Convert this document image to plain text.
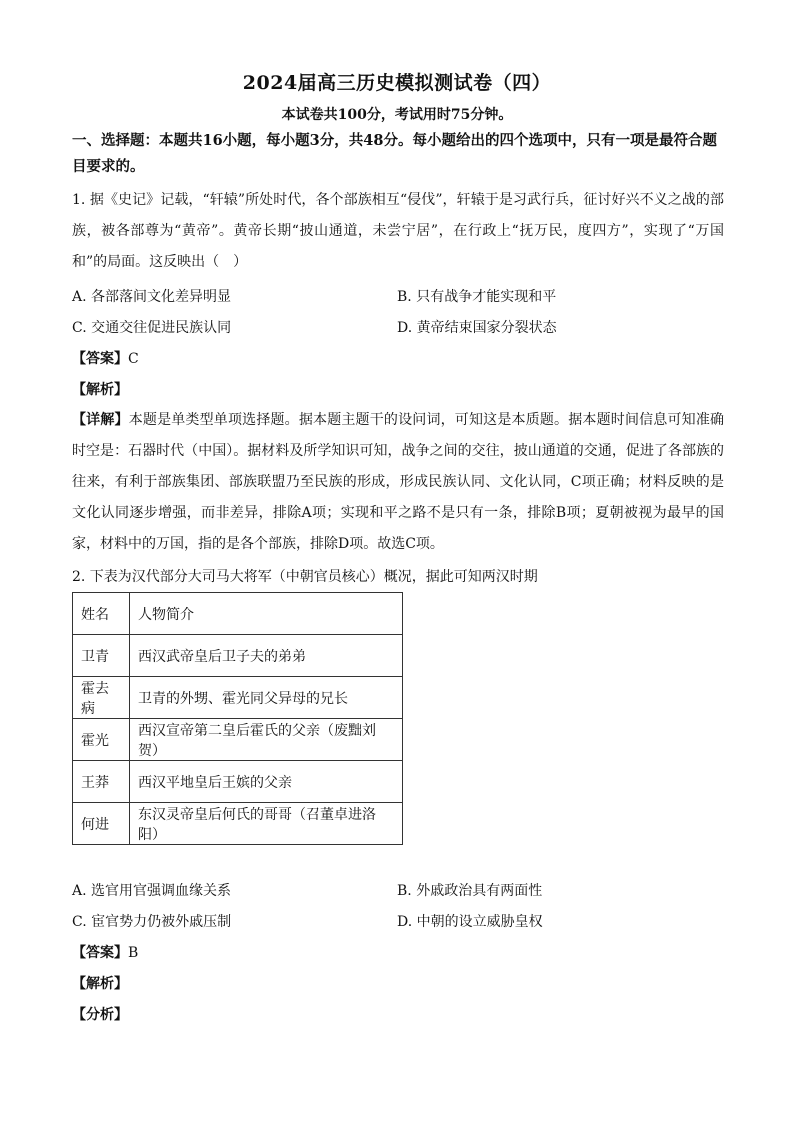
2024届高三历史模拟测试卷（四）
本试卷共100分，考试用时75分钟。
一、选择题：本题共16小题，每小题3分，共48分。每小题给出的四个选项中，只有一项是最符合题目要求的。
1. 据《史记》记载，“轩辕”所处时代，各个部族相互“侵伐”，轩辕于是习武行兵，征讨好兴不义之战的部族，被各部尊为“黄帝”。黄帝长期“披山通道，未尝宁居”，在行政上“抚万民，度四方”，实现了“万国和”的局面。这反映出（　）
A. 各部落间文化差异明显	B. 只有战争才能实现和平
C. 交通交往促进民族认同	D. 黄帝结束国家分裂状态
【答案】C
【解析】
【详解】本题是单类型单项选择题。据本题主题干的设问词，可知这是本质题。据本题时间信息可知准确时空是：石器时代（中国）。据材料及所学知识可知，战争之间的交往，披山通道的交通，促进了各部族的往来，有利于部族集团、部族联盟乃至民族的形成，形成民族认同、文化认同，C项正确；材料反映的是文化认同逐步增强，而非差异，排除A项；实现和平之路不是只有一条，排除B项；夏朝被视为最早的国家，材料中的万国，指的是各个部族，排除D项。故选C项。
2. 下表为汉代部分大司马大将军（中朝官员核心）概况，据此可知两汉时期
姓名	人物简介
卫青	西汉武帝皇后卫子夫的弟弟
霍去病	卫青的外甥、霍光同父异母的兄长
霍光	西汉宣帝第二皇后霍氏的父亲（废黜刘贺）
王莽	西汉平地皇后王嫔的父亲
何进	东汉灵帝皇后何氏的哥哥（召董卓进洛阳）
A. 选官用官强调血缘关系	B. 外戚政治具有两面性
C. 宦官势力仍被外戚压制	D. 中朝的设立威胁皇权
【答案】B
【解析】
【分析】
